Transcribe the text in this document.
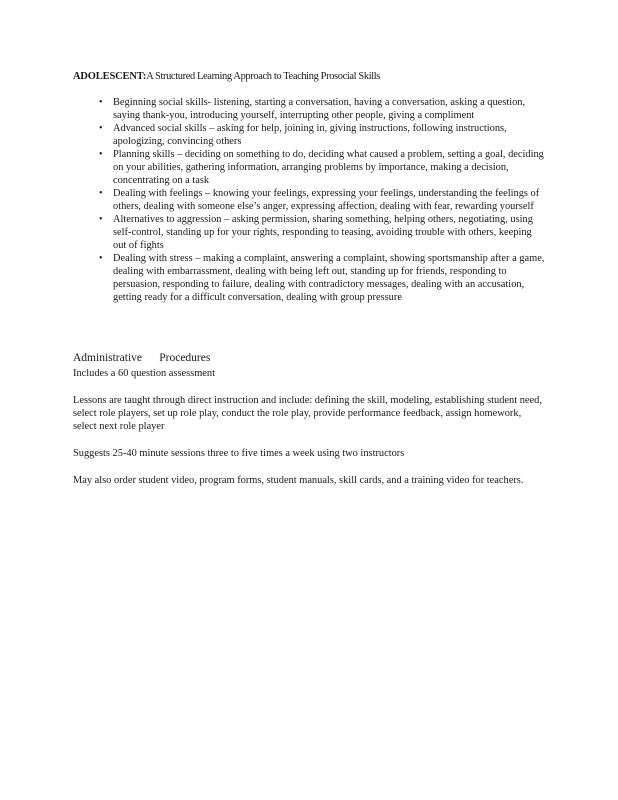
ADOLESCENT:A Structured Learning Approach to Teaching Prosocial Skills
• Beginning social skills- listening, starting a conversation, having a conversation, asking a question, saying thank-you, introducing yourself, interrupting other people, giving a compliment
• Advanced social skills – asking for help, joining in, giving instructions, following instructions, apologizing, convincing others
• Planning skills – deciding on something to do, deciding what caused a problem, setting a goal, deciding on your abilities, gathering information, arranging problems by importance, making a decision, concentrating on a task
• Dealing with feelings – knowing your feelings, expressing your feelings, understanding the feelings of others, dealing with someone else’s anger, expressing affection, dealing with fear, rewarding yourself
• Alternatives to aggression – asking permission, sharing something, helping others, negotiating, using self-control, standing up for your rights, responding to teasing, avoiding trouble with others, keeping out of fights
• Dealing with stress – making a complaint, answering a complaint, showing sportsmanship after a game, dealing with embarrassment, dealing with being left out, standing up for friends, responding to persuasion, responding to failure, dealing with contradictory messages, dealing with an accusation, getting ready for a difficult conversation, dealing with group pressure
Administrative      Procedures
Includes a 60 question assessment
Lessons are taught through direct instruction and include: defining the skill, modeling, establishing student need, select role players, set up role play, conduct the role play, provide performance feedback, assign homework, select next role player
Suggests 25-40 minute sessions three to five times a week using two instructors
May also order student video, program forms, student manuals, skill cards, and a training video for teachers.
